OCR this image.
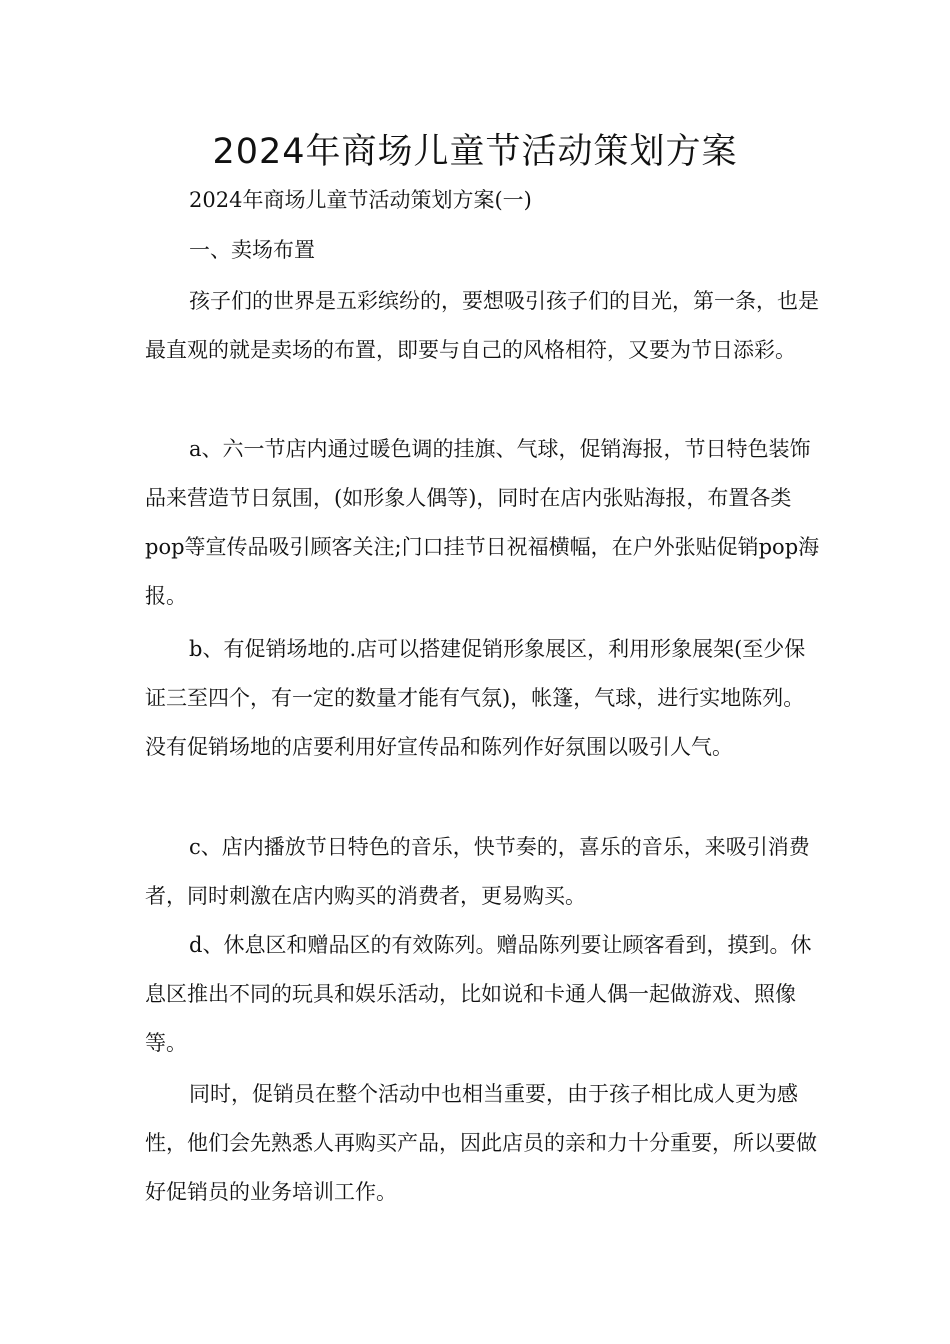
2024年商场儿童节活动策划方案

2024年商场儿童节活动策划方案(一)

一、卖场布置

孩子们的世界是五彩缤纷的，要想吸引孩子们的目光，第一条，也是最直观的就是卖场的布置，即要与自己的风格相符，又要为节日添彩。

a、六一节店内通过暖色调的挂旗、气球，促销海报，节日特色装饰品来营造节日氛围，(如形象人偶等)，同时在店内张贴海报，布置各类pop等宣传品吸引顾客关注;门口挂节日祝福横幅，在户外张贴促销pop海报。

b、有促销场地的.店可以搭建促销形象展区，利用形象展架(至少保证三至四个，有一定的数量才能有气氛)，帐篷，气球，进行实地陈列。没有促销场地的店要利用好宣传品和陈列作好氛围以吸引人气。

c、店内播放节日特色的音乐，快节奏的，喜乐的音乐，来吸引消费者，同时刺激在店内购买的消费者，更易购买。

d、休息区和赠品区的有效陈列。赠品陈列要让顾客看到，摸到。休息区推出不同的玩具和娱乐活动，比如说和卡通人偶一起做游戏、照像等。

同时，促销员在整个活动中也相当重要，由于孩子相比成人更为感性，他们会先熟悉人再购买产品，因此店员的亲和力十分重要，所以要做好促销员的业务培训工作。
